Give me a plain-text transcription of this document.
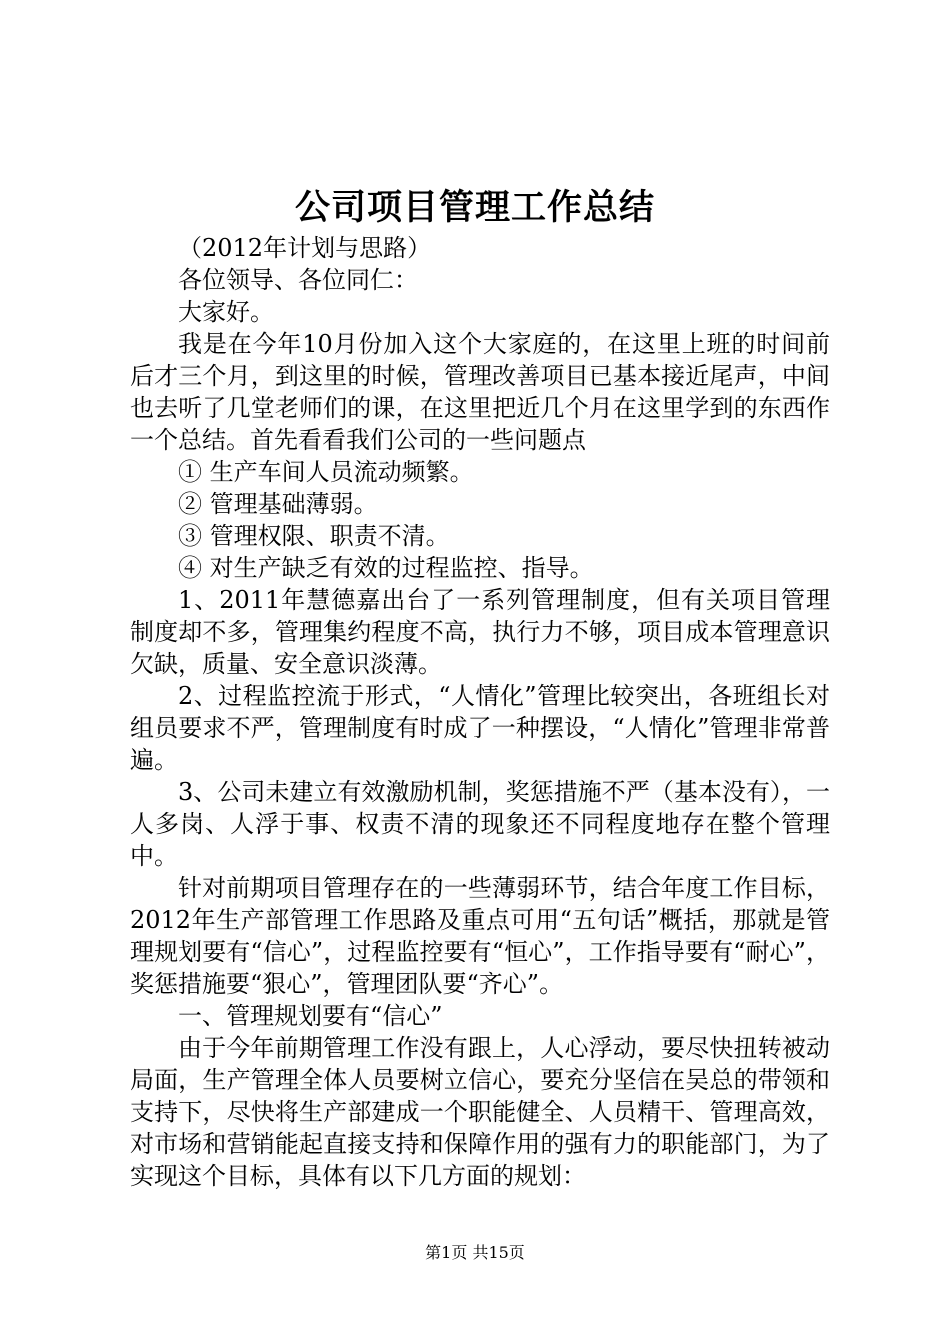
公司项目管理工作总结

（2012年计划与思路）

各位领导、各位同仁：

大家好。

我是在今年10月份加入这个大家庭的，在这里上班的时间前后才三个月，到这里的时候，管理改善项目已基本接近尾声，中间也去听了几堂老师们的课，在这里把近几个月在这里学到的东西作一个总结。首先看看我们公司的一些问题点

① 生产车间人员流动频繁。

② 管理基础薄弱。

③ 管理权限、职责不清。

④ 对生产缺乏有效的过程监控、指导。

1、2011年慧德嘉出台了一系列管理制度，但有关项目管理制度却不多，管理集约程度不高，执行力不够，项目成本管理意识欠缺，质量、安全意识淡薄。

2、过程监控流于形式，“人情化”管理比较突出，各班组长对组员要求不严，管理制度有时成了一种摆设，“人情化”管理非常普遍。

3、公司未建立有效激励机制，奖惩措施不严（基本没有），一人多岗、人浮于事、权责不清的现象还不同程度地存在整个管理中。

针对前期项目管理存在的一些薄弱环节，结合年度工作目标，2012年生产部管理工作思路及重点可用“五句话”概括，那就是管理规划要有“信心”，过程监控要有“恒心”，工作指导要有“耐心”，奖惩措施要“狠心”，管理团队要“齐心”。

一、管理规划要有“信心”

由于今年前期管理工作没有跟上，人心浮动，要尽快扭转被动局面，生产管理全体人员要树立信心，要充分坚信在吴总的带领和支持下，尽快将生产部建成一个职能健全、人员精干、管理高效，对市场和营销能起直接支持和保障作用的强有力的职能部门，为了实现这个目标，具体有以下几方面的规划：

第1页 共15页
